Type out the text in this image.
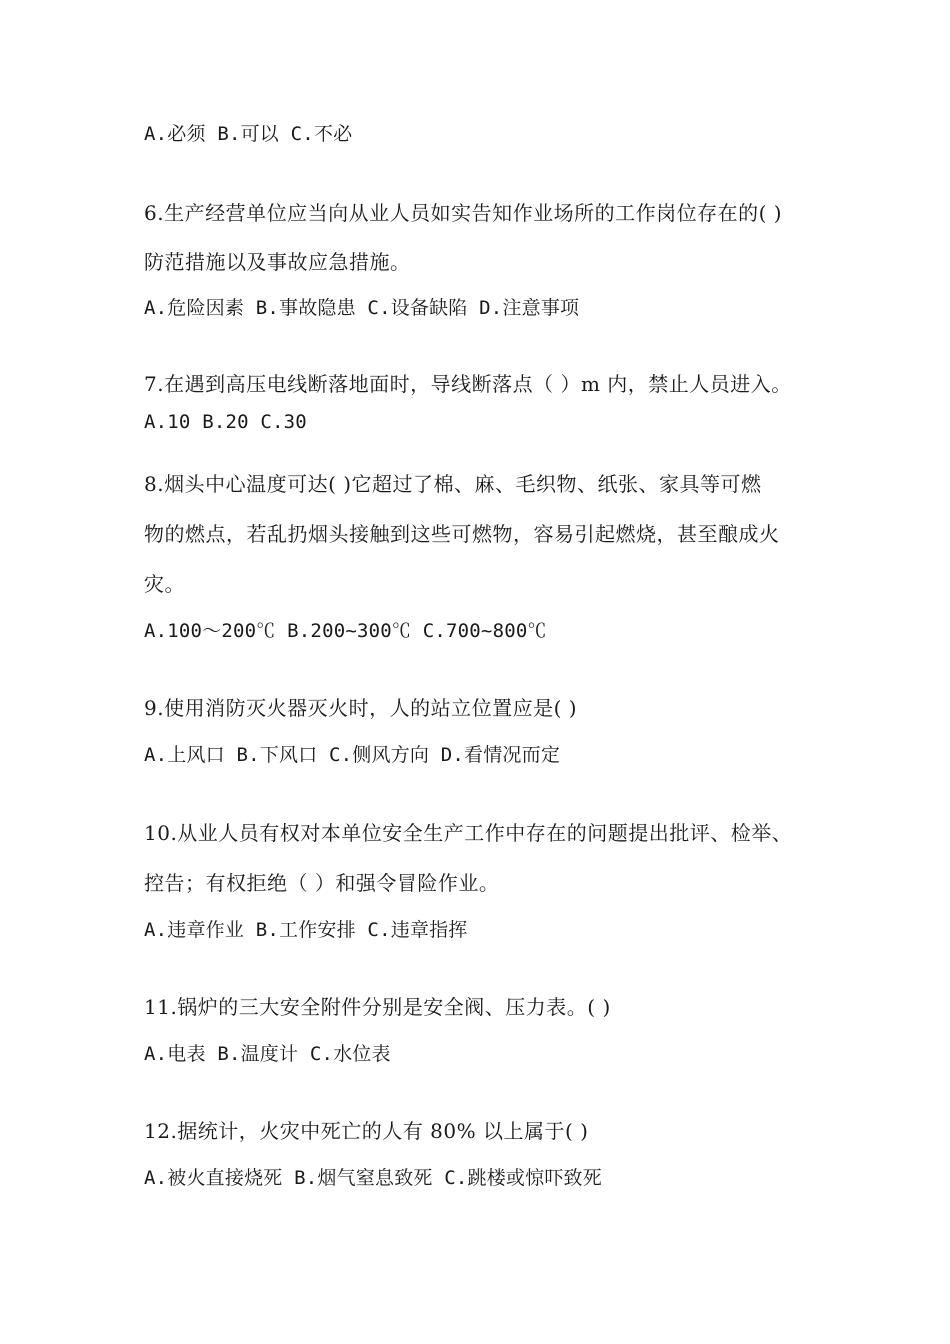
A.必须 B.可以 C.不必
6.生产经营单位应当向从业人员如实告知作业场所的工作岗位存在的( )
防范措施以及事故应急措施。
A.危险因素 B.事故隐患 C.设备缺陷 D.注意事项
7.在遇到高压电线断落地面时，导线断落点（ ）m 内，禁止人员进入。
A.10 B.20 C.30
8.烟头中心温度可达( )它超过了棉、麻、毛织物、纸张、家具等可燃
物的燃点，若乱扔烟头接触到这些可燃物，容易引起燃烧，甚至酿成火
灾。
A.100～200℃ B.200~300℃ C.700~800℃
9.使用消防灭火器灭火时，人的站立位置应是( )
A.上风口 B.下风口 C.侧风方向 D.看情况而定
10.从业人员有权对本单位安全生产工作中存在的问题提出批评、检举、
控告；有权拒绝（ ）和强令冒险作业。
A.违章作业 B.工作安排 C.违章指挥
11.锅炉的三大安全附件分别是安全阀、压力表。( )
A.电表 B.温度计 C.水位表
12.据统计，火灾中死亡的人有 80% 以上属于( )
A.被火直接烧死 B.烟气窒息致死 C.跳楼或惊吓致死
